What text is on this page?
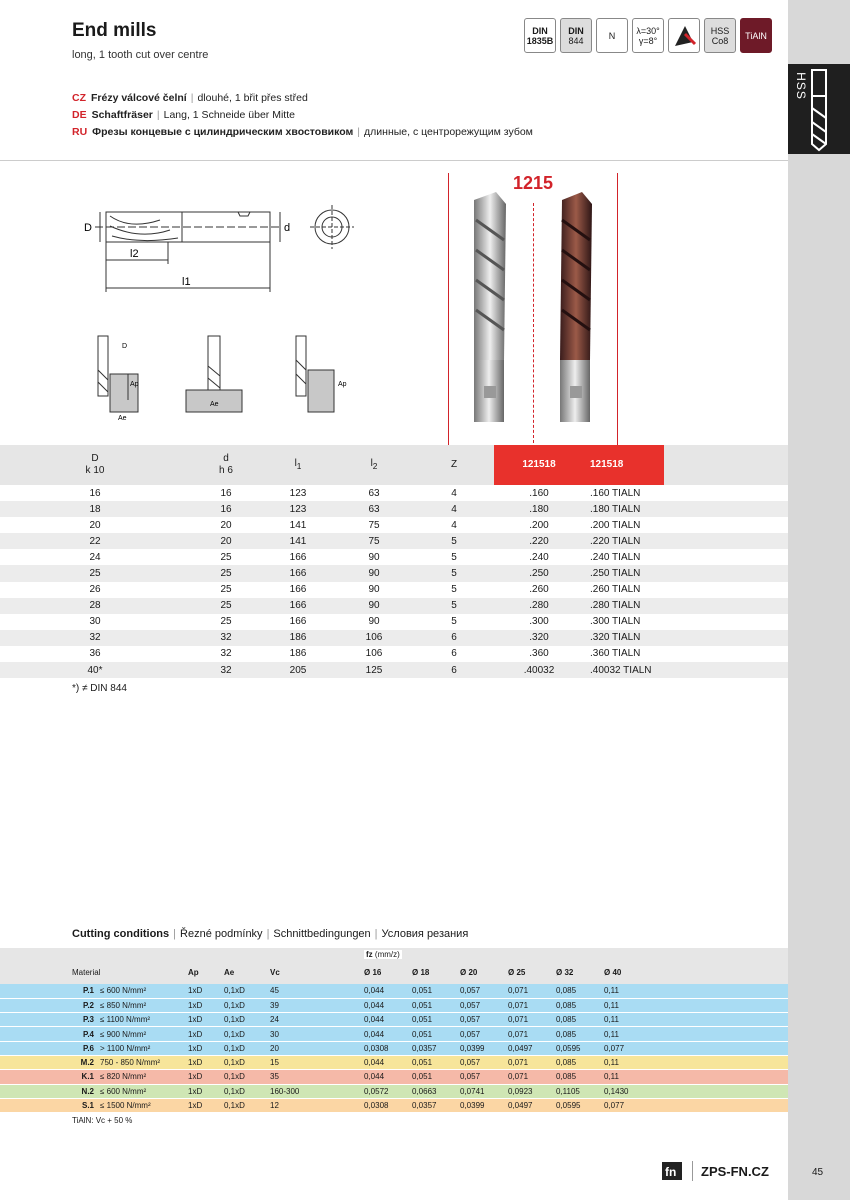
HSS
End mills
long, 1 tooth cut over centre
CZ Frézy válcové čelní | dlouhé, 1 břit přes střed
DE Schaftfräser | Lang, 1 Schneide über Mitte
RU Фрезы концевые с цилиндрическим хвостовиком | длинные, с центрорежущим зубом
DIN
1835B
DIN
844	N λ=30°
γ=8°
HSS
Co8 TiAlN
D	d
l2
l1
Ap
Ae
D
Ae
Ap
1215
	D
k 10	d
h 6	$l_1$	$l_2$	Z	121518	121518	
	16	16	123	63	4	.160	.160 TIALN	
	18	16	123	63	4	.180	.180 TIALN	
	20	20	141	75	4	.200	.200 TIALN	
	22	20	141	75	5	.220	.220 TIALN	
	24	25	166	90	5	.240	.240 TIALN	
	25	25	166	90	5	.250	.250 TIALN	
	26	25	166	90	5	.260	.260 TIALN	
	28	25	166	90	5	.280	.280 TIALN	
	30	25	166	90	5	.300	.300 TIALN	
	32	32	186	106	6	.320	.320 TIALN	
	36	32	186	106	6	.360	.360 TIALN	
	40*	32	205	125	6	.40032	.40032 TIALN	
*) ≠ DIN 844
Cutting conditions | Řezné podmínky | Schnittbedingungen | Условия резания
					fz (mm/z)						
Material		Ap	Ae	Vc	Ø 16	Ø 18	Ø 20	Ø 25	Ø 32	Ø 40	
P.1	≤ 600 N/mm²	1xD	0,1xD	45	0,044	0,051	0,057	0,071	0,085	0,11	
P.2	≤ 850 N/mm²	1xD	0,1xD	39	0,044	0,051	0,057	0,071	0,085	0,11	
P.3	≤ 1100 N/mm²	1xD	0,1xD	24	0,044	0,051	0,057	0,071	0,085	0,11	
P.4	≤ 900 N/mm²	1xD	0,1xD	30	0,044	0,051	0,057	0,071	0,085	0,11	
P.6	> 1100 N/mm²	1xD	0,1xD	20	0,0308	0,0357	0,0399	0,0497	0,0595	0,077	
M.2	750 - 850 N/mm²	1xD	0,1xD	15	0,044	0,051	0,057	0,071	0,085	0,11	
K.1	≤ 820 N/mm²	1xD	0,1xD	35	0,044	0,051	0,057	0,071	0,085	0,11	
N.2	≤ 600 N/mm²	1xD	0,1xD	160-300	0,0572	0,0663	0,0741	0,0923	0,1105	0,1430	
S.1	≤ 1500 N/mm²	1xD	0,1xD	12	0,0308	0,0357	0,0399	0,0497	0,0595	0,077	
TiAlN: Vc + 50 %
fn ZPS-FN.CZ	45
